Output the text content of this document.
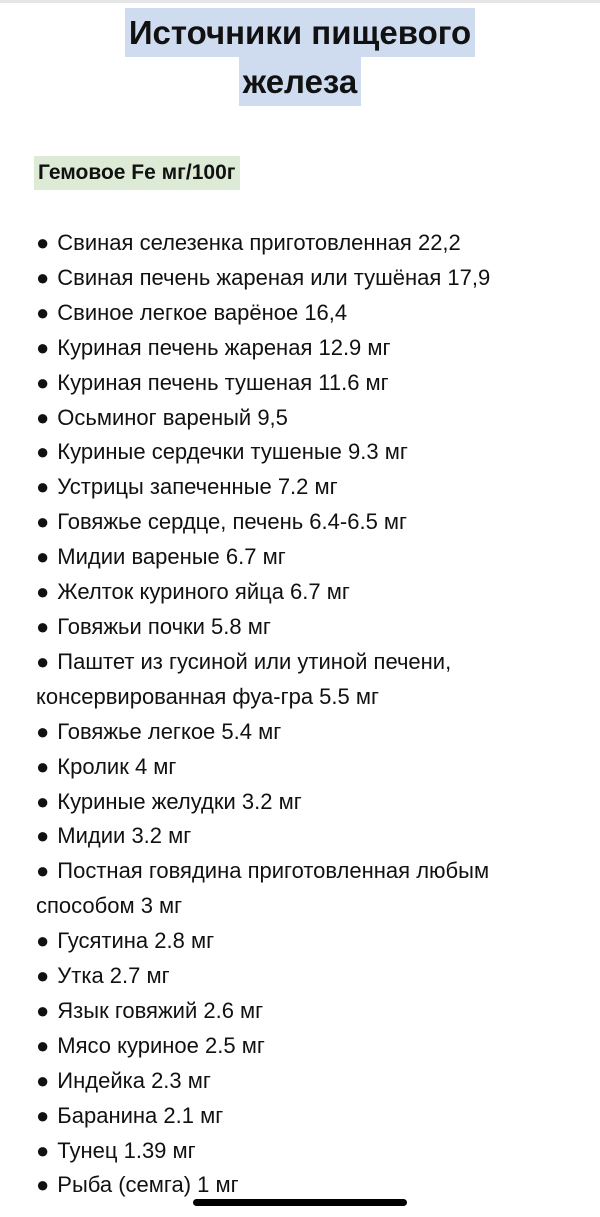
Источники пищевого
железа
Гемовое Fe мг/100г
● Свиная селезенка приготовленная 22,2
● Свиная печень жареная или тушёная 17,9
● Свиное легкое варёное 16,4
● Куриная печень жареная 12.9 мг
● Куриная печень тушеная 11.6 мг
● Осьминог вареный 9,5
● Куриные сердечки тушеные 9.3 мг
● Устрицы запеченные 7.2 мг
● Говяжье сердце, печень 6.4-6.5 мг
● Мидии вареные 6.7 мг
● Желток куриного яйца 6.7 мг
● Говяжьи почки 5.8 мг
● Паштет из гусиной или утиной печени, консервированная фуа-гра 5.5 мг
● Говяжье легкое 5.4 мг
● Кролик 4 мг
● Куриные желудки 3.2 мг
● Мидии 3.2 мг
● Постная говядина приготовленная любым способом 3 мг
● Гусятина 2.8 мг
● Утка 2.7 мг
● Язык говяжий 2.6 мг
● Мясо куриное 2.5 мг
● Индейка 2.3 мг
● Баранина 2.1 мг
● Тунец 1.39 мг
● Рыба (семга) 1 мг
